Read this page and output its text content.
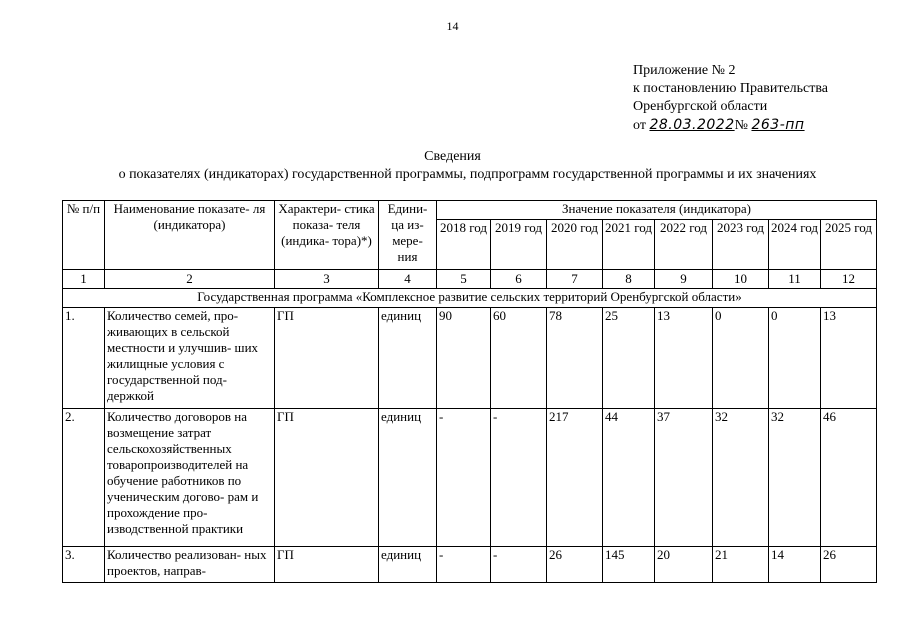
14
Приложение № 2
к постановлению Правительства
Оренбургской области
от 28.03.2022№ 263-пп
Сведения
о показателях (индикаторах) государственной программы, подпрограмм государственной программы и их значениях
№ п/п	Наименование показате- ля (индикатора)	Характери- стика показа- теля (индика- тора)*)	Едини- ца из- мере- ния	Значение показателя (индикатора)							
				2018 год	2019 год	2020 год	2021 год	2022 год	2023 год	2024 год	2025 год
1	2	3	4	5	6	7	8	9	10	11	12
Государственная программа «Комплексное развитие сельских территорий Оренбургской области»											
1.	Количество семей, про- живающих в сельской местности и улучшив- ших жилищные условия с государственной под- держкой	ГП	единиц	90	60	78	25	13	0	0	13
2.	Количество договоров на возмещение затрат сельскохозяйственных товаропроизводителей на обучение работников по ученическим догово- рам и прохождение про- изводственной практики	ГП	единиц	-	-	217	44	37	32	32	46
3.	Количество реализован- ных проектов, направ-	ГП	единиц	-	-	26	145	20	21	14	26
